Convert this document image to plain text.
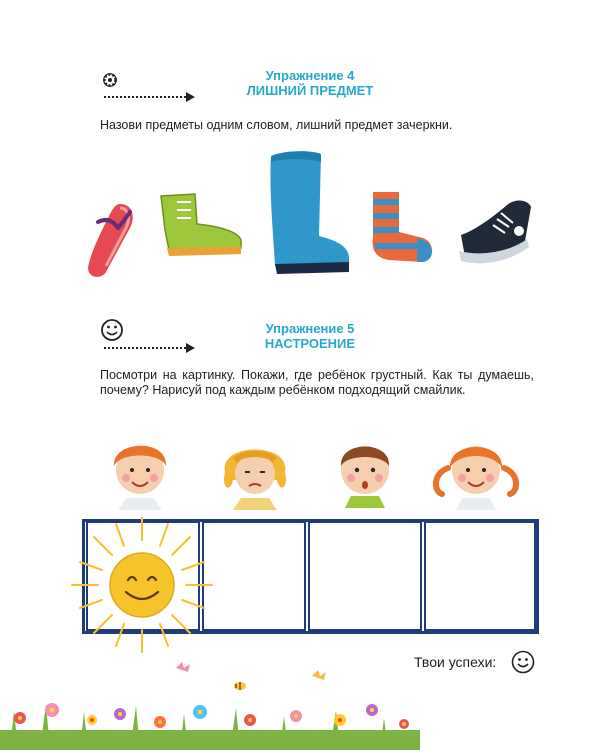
Упражнение 4
ЛИШНИЙ ПРЕДМЕТ
Назови предметы одним словом, лишний предмет зачеркни.
Упражнение 5
НАСТРОЕНИЕ
Посмотри на картинку. Покажи, где ребёнок грустный. Как ты думаешь, почему? Нарисуй под каждым ребёнком подходящий смайлик.
Твои успехи:
